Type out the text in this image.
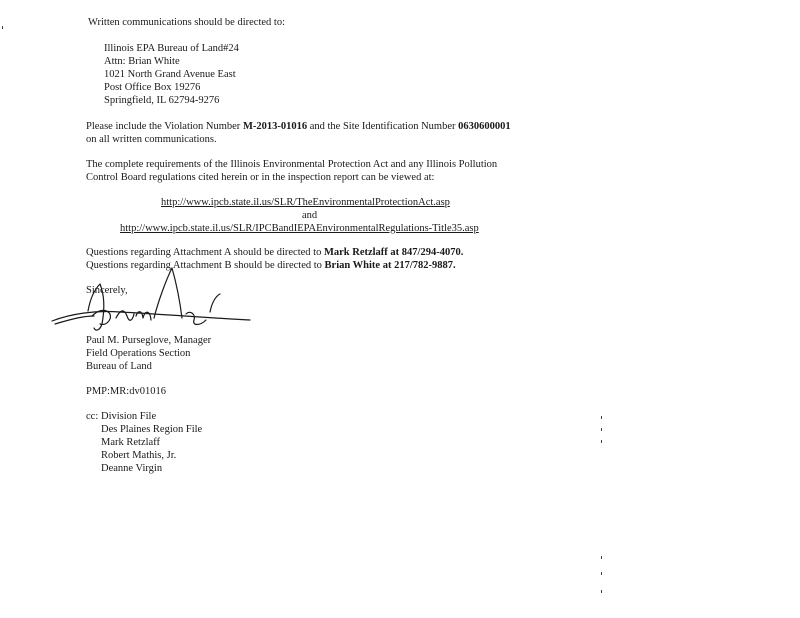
Written communications should be directed to:
Illinois EPA Bureau of Land#24
Attn: Brian White
1021 North Grand Avenue East
Post Office Box 19276
Springfield, IL 62794-9276
Please include the Violation Number M-2013-01016 and the Site Identification Number 0630600001
on all written communications.
The complete requirements of the Illinois Environmental Protection Act and any Illinois Pollution
Control Board regulations cited herein or in the inspection report can be viewed at:
http://www.ipcb.state.il.us/SLR/TheEnvironmentalProtectionAct.asp
and
http://www.ipcb.state.il.us/SLR/IPCBandIEPAEnvironmentalRegulations-Title35.asp
Questions regarding Attachment A should be directed to Mark Retzlaff at 847/294-4070.
Questions regarding Attachment B should be directed to Brian White at 217/782-9887.
Sincerely,
Paul M. Purseglove, Manager
Field Operations Section
Bureau of Land
PMP:MR:dv01016
cc: Division File
Des Plaines Region File
Mark Retzlaff
Robert Mathis, Jr.
Deanne Virgin
